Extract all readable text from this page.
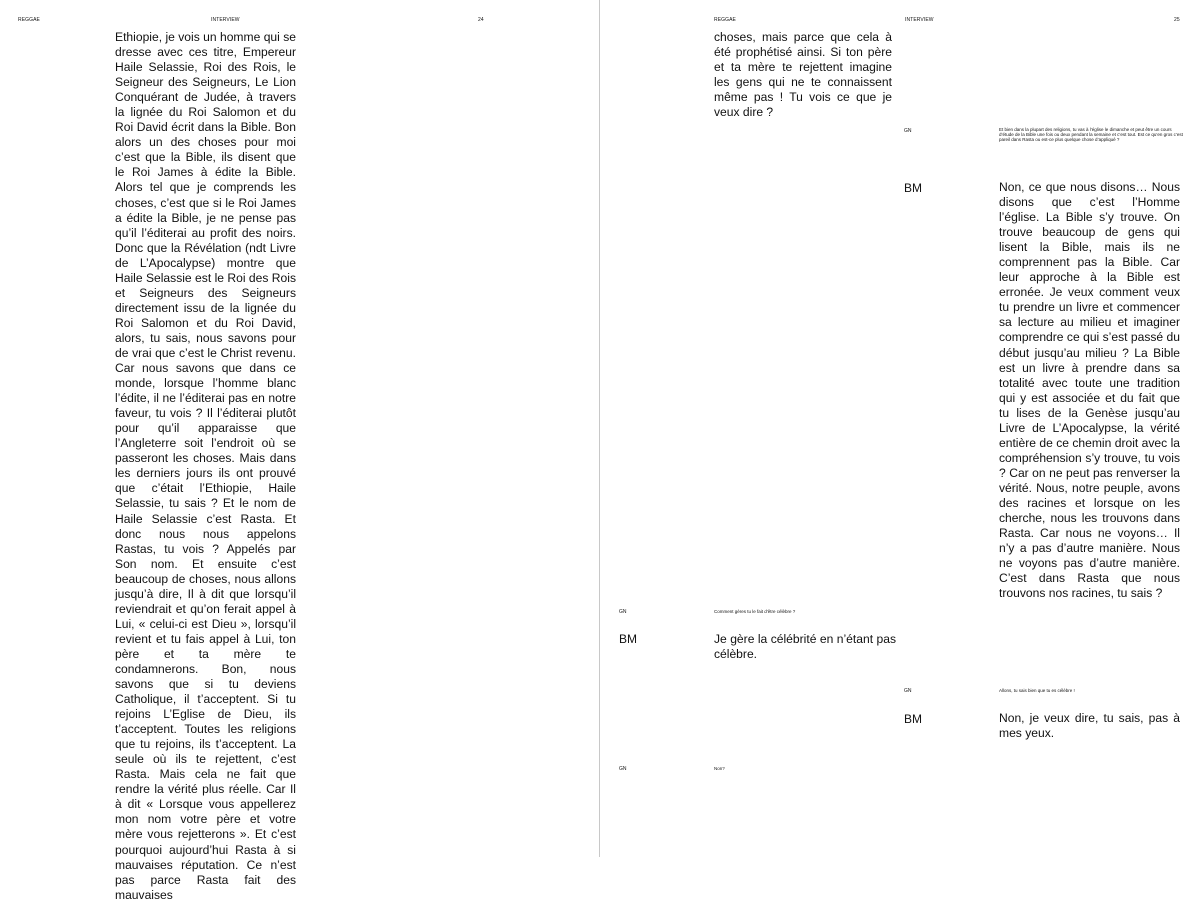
REGGAE	INTERVIEW	24

Ethiopie, je vois un homme qui se dresse avec ces titre, Empereur Haile Selassie, Roi des Rois, le Seigneur des Seigneurs, Le Lion Conquérant de Judée, à travers la lignée du Roi Salomon et du Roi David écrit dans la Bible. Bon alors un des choses pour moi c’est que la Bible, ils disent que le Roi James à édite la Bible. Alors tel que je comprends les choses, c’est que si le Roi James a édite la Bible, je ne pense pas qu’il l’éditerai au profit des noirs. Donc que la Révélation (ndt Livre de L’Apocalypse) montre que Haile Selassie est le Roi des Rois et Seigneurs des Seigneurs directement issu de la lignée du Roi Salomon et du Roi David, alors, tu sais, nous savons pour de vrai que c’est le Christ revenu. Car nous savons que dans ce monde, lorsque l’homme blanc l’édite, il ne l’éditerai pas en notre faveur, tu vois ? Il l’éditerai plutôt pour qu’il apparaisse que l’Angleterre soit l’endroit où se passeront les choses. Mais dans les derniers jours ils ont prouvé que c’était l’Ethiopie, Haile Selassie, tu sais ? Et le nom de Haile Selassie c’est Rasta. Et donc nous nous appelons Rastas, tu vois ? Appelés par Son nom. Et ensuite c’est beaucoup de choses, nous allons jusqu’à dire, Il à dit que lorsqu’il reviendrait et qu’on ferait appel à Lui, « celui-ci est Dieu », lorsqu’il revient et tu fais appel à Lui, ton père et ta mère te condamnerons. Bon, nous savons que si tu deviens Catholique, il t’acceptent. Si tu rejoins L’Eglise de Dieu, ils t’acceptent. Toutes les religions que tu rejoins, ils t’acceptent. La seule où ils te rejettent, c’est Rasta. Mais cela ne fait que rendre la vérité plus réelle. Car Il à dit « Lorsque vous appellerez mon nom votre père et votre mère vous rejetterons ». Et c’est pourquoi aujourd’hui Rasta à si mauvaises réputation. Ce n’est pas parce Rasta fait des mauvaises

REGGAE	INTERVIEW	25

choses, mais parce que cela à été prophétisé ainsi. Si ton père et ta mère te rejettent imagine les gens qui ne te connaissent même pas ! Tu vois ce que je veux dire ?

GN	Et bien dans la plupart des religions, tu vas à l’église le dimanche et peut être un cours d’étude de la Bible une fois ou deux pendant la semaine et c’est tout. Est ce qu’en gros c’est pareil dans Rasta ou est-ce plus quelque chose d’appliqué ?
BM	Non, ce que nous disons… Nous disons que c’est l’Homme l’église. La Bible s’y trouve. On trouve beaucoup de gens qui lisent la Bible, mais ils ne comprennent pas la Bible. Car leur approche à la Bible est erronée. Je veux comment veux tu prendre un livre et commencer sa lecture au milieu et imaginer comprendre ce qui s’est passé du début jusqu’au milieu ? La Bible est un livre à prendre dans sa totalité avec toute une tradition qui y est associée et du fait que tu lises de la Genèse jusqu’au Livre de L’Apocalypse, la vérité entière de ce chemin droit avec la compréhension s’y trouve, tu vois ? Car on ne peut pas renverser la vérité. Nous, notre peuple, avons des racines et lorsque on les cherche, nous les trouvons dans Rasta. Car nous ne voyons… Il n’y a pas d’autre manière. Nous ne voyons pas d’autre manière. C’est dans Rasta que nous trouvons nos racines, tu sais ?

GN	Comment gères tu le fait d’être célèbre ?
BM	Je gère la célébrité en n’étant pas célèbre.

GN	Allons, tu sais bien que tu es célèbre !
BM	Non, je veux dire, tu sais, pas à mes yeux.

GN	Non?
